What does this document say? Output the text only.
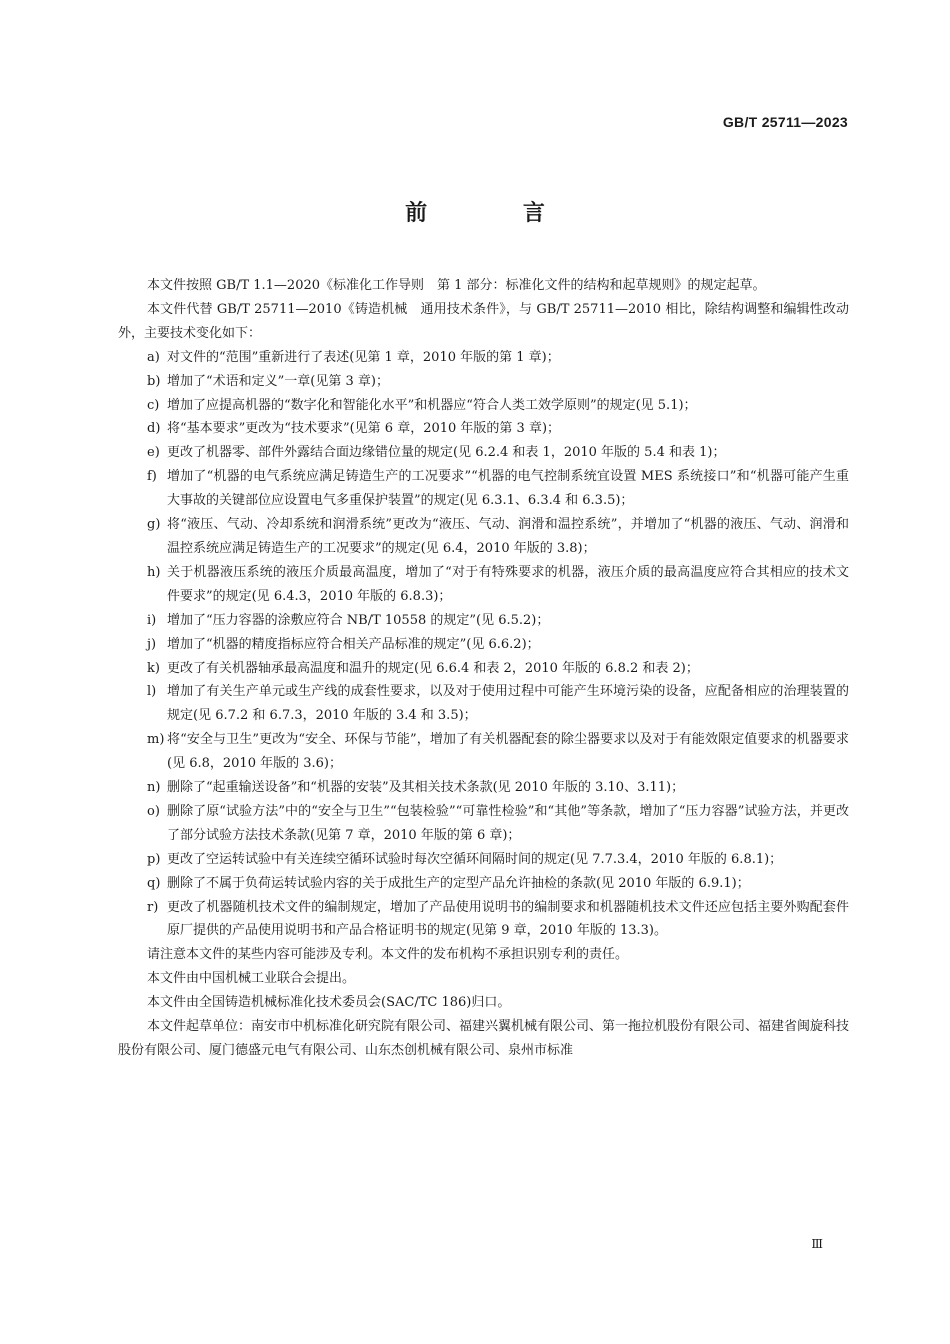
GB/T 25711—2023
前 言

本文件按照 GB/T 1.1—2020《标准化工作导则　第 1 部分：标准化文件的结构和起草规则》的规定起草。

本文件代替 GB/T 25711—2010《铸造机械　通用技术条件》，与 GB/T 25711—2010 相比，除结构调整和编辑性改动外，主要技术变化如下：

a) 对文件的“范围”重新进行了表述(见第 1 章，2010 年版的第 1 章)；
b) 增加了“术语和定义”一章(见第 3 章)；
c) 增加了应提高机器的“数字化和智能化水平”和机器应“符合人类工效学原则”的规定(见 5.1)；
d) 将“基本要求”更改为“技术要求”(见第 6 章，2010 年版的第 3 章)；
e) 更改了机器零、部件外露结合面边缘错位量的规定(见 6.2.4 和表 1，2010 年版的 5.4 和表 1)；
f) 增加了“机器的电气系统应满足铸造生产的工况要求”“机器的电气控制系统宜设置 MES 系统接口”和“机器可能产生重大事故的关键部位应设置电气多重保护装置”的规定(见 6.3.1、6.3.4 和 6.3.5)；
g) 将“液压、气动、冷却系统和润滑系统”更改为“液压、气动、润滑和温控系统”，并增加了“机器的液压、气动、润滑和温控系统应满足铸造生产的工况要求”的规定(见 6.4，2010 年版的 3.8)；
h) 关于机器液压系统的液压介质最高温度，增加了“对于有特殊要求的机器，液压介质的最高温度应符合其相应的技术文件要求”的规定(见 6.4.3，2010 年版的 6.8.3)；
i) 增加了“压力容器的涂敷应符合 NB/T 10558 的规定”(见 6.5.2)；
j) 增加了“机器的精度指标应符合相关产品标准的规定”(见 6.6.2)；
k) 更改了有关机器轴承最高温度和温升的规定(见 6.6.4 和表 2，2010 年版的 6.8.2 和表 2)；
l) 增加了有关生产单元或生产线的成套性要求，以及对于使用过程中可能产生环境污染的设备，应配备相应的治理装置的规定(见 6.7.2 和 6.7.3，2010 年版的 3.4 和 3.5)；
m) 将“安全与卫生”更改为“安全、环保与节能”，增加了有关机器配套的除尘器要求以及对于有能效限定值要求的机器要求(见 6.8，2010 年版的 3.6)；
n) 删除了“起重输送设备”和“机器的安装”及其相关技术条款(见 2010 年版的 3.10、3.11)；
o) 删除了原“试验方法”中的“安全与卫生”“包装检验”“可靠性检验”和“其他”等条款，增加了“压力容器”试验方法，并更改了部分试验方法技术条款(见第 7 章，2010 年版的第 6 章)；
p) 更改了空运转试验中有关连续空循环试验时每次空循环间隔时间的规定(见 7.7.3.4，2010 年版的 6.8.1)；
q) 删除了不属于负荷运转试验内容的关于成批生产的定型产品允许抽检的条款(见 2010 年版的 6.9.1)；
r) 更改了机器随机技术文件的编制规定，增加了产品使用说明书的编制要求和机器随机技术文件还应包括主要外购配套件原厂提供的产品使用说明书和产品合格证明书的规定(见第 9 章，2010 年版的 13.3)。

请注意本文件的某些内容可能涉及专利。本文件的发布机构不承担识别专利的责任。

本文件由中国机械工业联合会提出。

本文件由全国铸造机械标准化技术委员会(SAC/TC 186)归口。

本文件起草单位：南安市中机标准化研究院有限公司、福建兴翼机械有限公司、第一拖拉机股份有限公司、福建省闽旋科技股份有限公司、厦门德盛元电气有限公司、山东杰创机械有限公司、泉州市标准

Ⅲ
